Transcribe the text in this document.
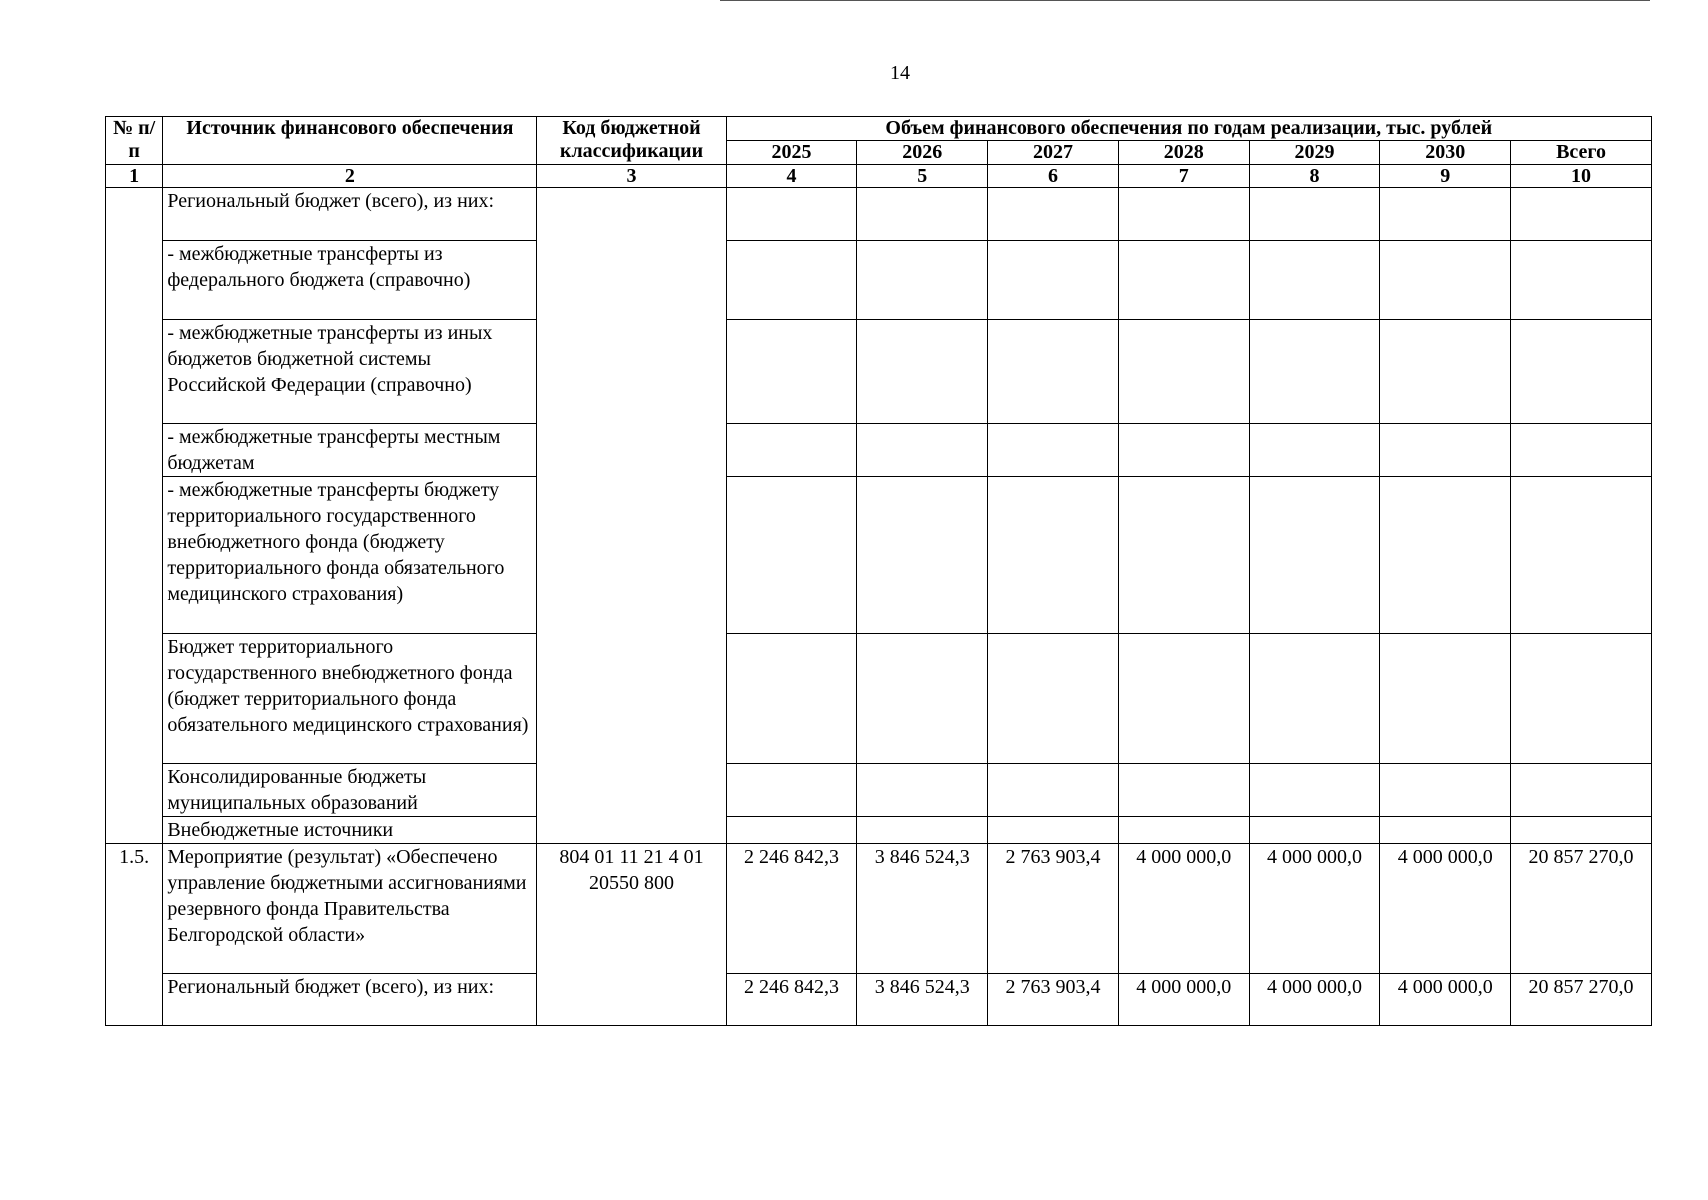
14
№ п/п	Источник финансового обеспечения	Код бюджетной классификации	Объем финансового обеспечения по годам реализации, тыс. рублей						
			2025	2026	2027	2028	2029	2030	Всего
1	2	3	4	5	6	7	8	9	10
	Региональный бюджет (всего), из них:								
	- межбюджетные трансферты из федерального бюджета (справочно)								
	- межбюджетные трансферты из иных бюджетов бюджетной системы Российской Федерации (справочно)								
	- межбюджетные трансферты местным бюджетам								
	- межбюджетные трансферты бюджету территориального государственного внебюджетного фонда (бюджету территориального фонда обязательного медицинского страхования)								
	Бюджет территориального государственного внебюджетного фонда (бюджет территориального фонда обязательного медицинского страхования)								
	Консолидированные бюджеты муниципальных образований								
	Внебюджетные источники								
1.5.	Мероприятие (результат) «Обеспечено управление бюджетными ассигнованиями резервного фонда Правительства Белгородской области»	804 01 11 21 4 01 20550 800	2 246 842,3	3 846 524,3	2 763 903,4	4 000 000,0	4 000 000,0	4 000 000,0	20 857 270,0
	Региональный бюджет (всего), из них:		2 246 842,3	3 846 524,3	2 763 903,4	4 000 000,0	4 000 000,0	4 000 000,0	20 857 270,0
